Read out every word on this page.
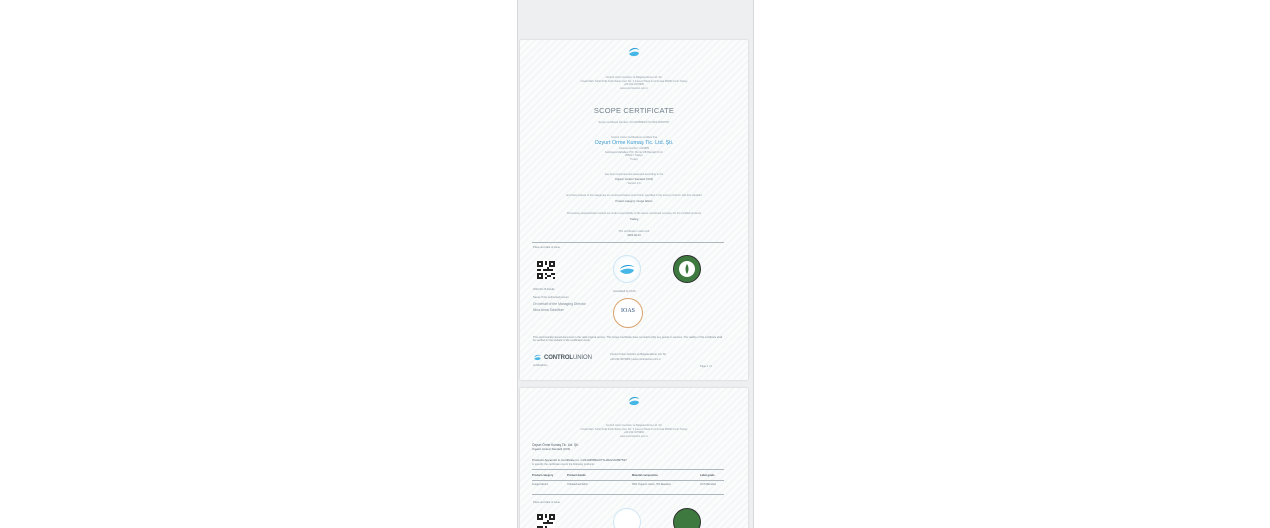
Control Union Gozetim ve Belgelendirme Ltd. Sti.
Cinarli Mah. Sehit Polis Fethi Sekin Cad. No: 3 Ivecevi Plaza K:11 Konak 35060 Izmir/ Turkey
+90 232 4079900
www.controlunion.com.tr
SCOPE CERTIFICATE
Scope Certificate Number: CU1104589GOTS-2022-00097537
Control Union Certifications certifies that
Özyurt Örme Kumaş Tic. Ltd. Şti.
License Number: 1104589
Gelinkaya Mahallesi 700. Sk No:1/B Bayrakli Izmir
35600 / Türkiye
Turkey
has been inspected and assessed according to the
Organic Content Standard (OCS)
- Version 3.0 -
and that products of the categories as mentioned below (and further specified in the annex) conform with this standard
Product category: Greige fabrics
Processing steps/activities carried out under responsibility of the above mentioned company for the certified products
Trading
This certificate is valid until:
2023-09-14
Place and date of issue
2022-09-15 Zwolle
Name of the authorised person
On behalf of the Managing Director
Nina Anna Schnitker
Accredited by IOAS
IOAS
This electronically issued document is the valid original version. This Scope Certificate does not itself certify any goods or services. The validity of this certificate shall be verified on the website of the certification body.
CONTROLUNION
certifications
Control Union Gozetim ve Belgelendirme Ltd. Sti.
+90 232 4079900 | www.controlunion.com.tr
Page 1 / 2
Control Union Gozetim ve Belgelendirme Ltd. Sti.
Cinarli Mah. Sehit Polis Fethi Sekin Cad. No: 3 Ivecevi Plaza K:11 Konak 35060 Izmir/ Turkey
+90 232 4079900
www.controlunion.com.tr
Özyurt Örme Kumaş Tic. Ltd. Şti.
Organic Content Standard (OCS)
Products Appendix to Certificate no. CU1104589GOTS-2022-00097537
In specific the certificate covers the following products:
Product category	Product details	Material composition	Label grade
Greige fabrics	Unbleached fabric	95% Organic cotton, 5% Elastane	OCS Blended
Place and date of issue
